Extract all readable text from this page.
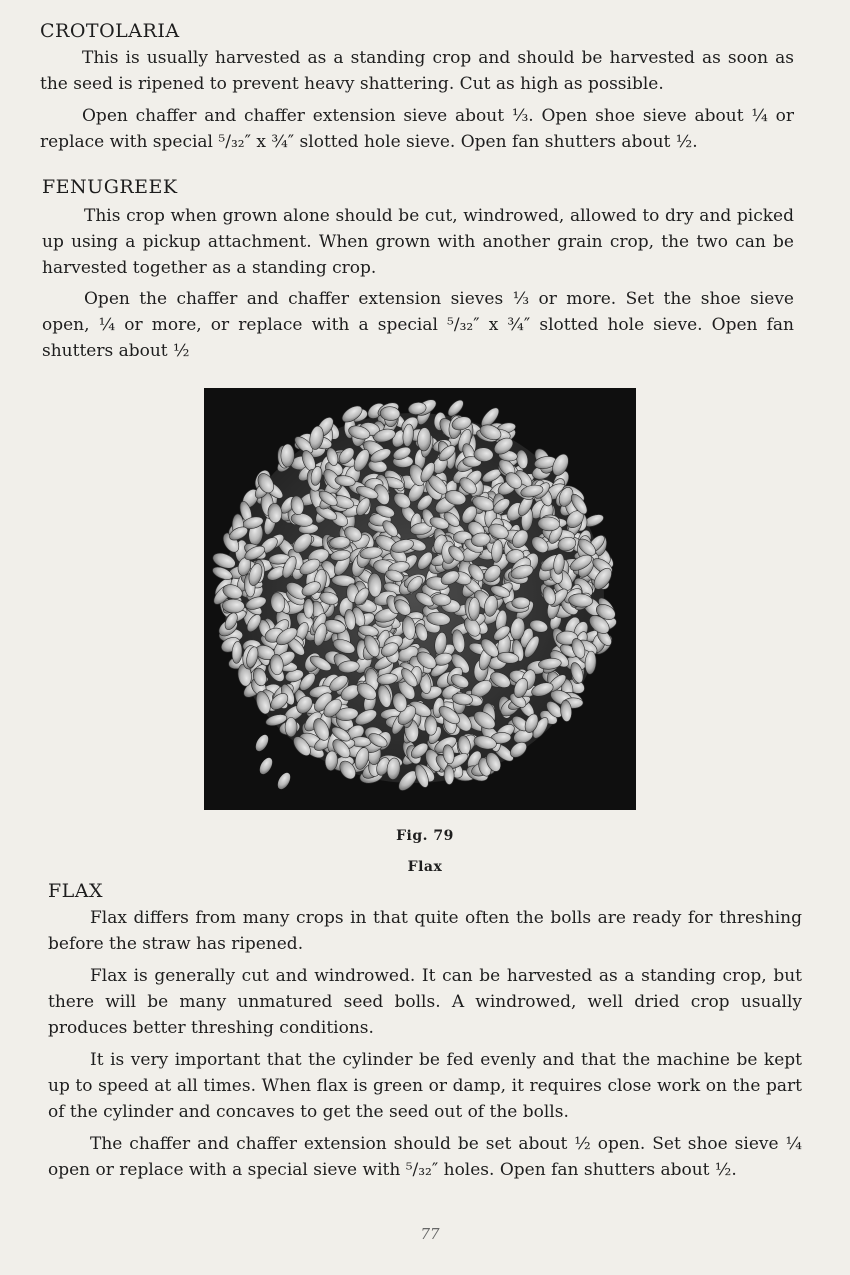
CROTOLARIA

This is usually harvested as a standing crop and should be harvested as soon as the seed is ripened to prevent heavy shattering. Cut as high as possible.

Open chaffer and chaffer extension sieve about ⅓. Open shoe sieve about ¼ or replace with special ⁵/₃₂″ x ¾″ slotted hole sieve. Open fan shutters about ½.

FENUGREEK

This crop when grown alone should be cut, windrowed, allowed to dry and picked up using a pickup attachment. When grown with another grain crop, the two can be harvested together as a standing crop.

Open the chaffer and chaffer extension sieves ⅓ or more. Set the shoe sieve open, ¼ or more, or replace with a special ⁵/₃₂″ x ¾″ slotted hole sieve. Open fan shutters about ½

Fig. 79

Flax

FLAX

Flax differs from many crops in that quite often the bolls are ready for threshing before the straw has ripened.

Flax is generally cut and windrowed. It can be harvested as a standing crop, but there will be many unmatured seed bolls. A windrowed, well dried crop usually produces better threshing conditions.

It is very important that the cylinder be fed evenly and that the machine be kept up to speed at all times. When flax is green or damp, it requires close work on the part of the cylinder and concaves to get the seed out of the bolls.

The chaffer and chaffer extension should be set about ½ open. Set shoe sieve ¼ open or replace with a special sieve with ⁵/₃₂″ holes. Open fan shutters about ½.

77
